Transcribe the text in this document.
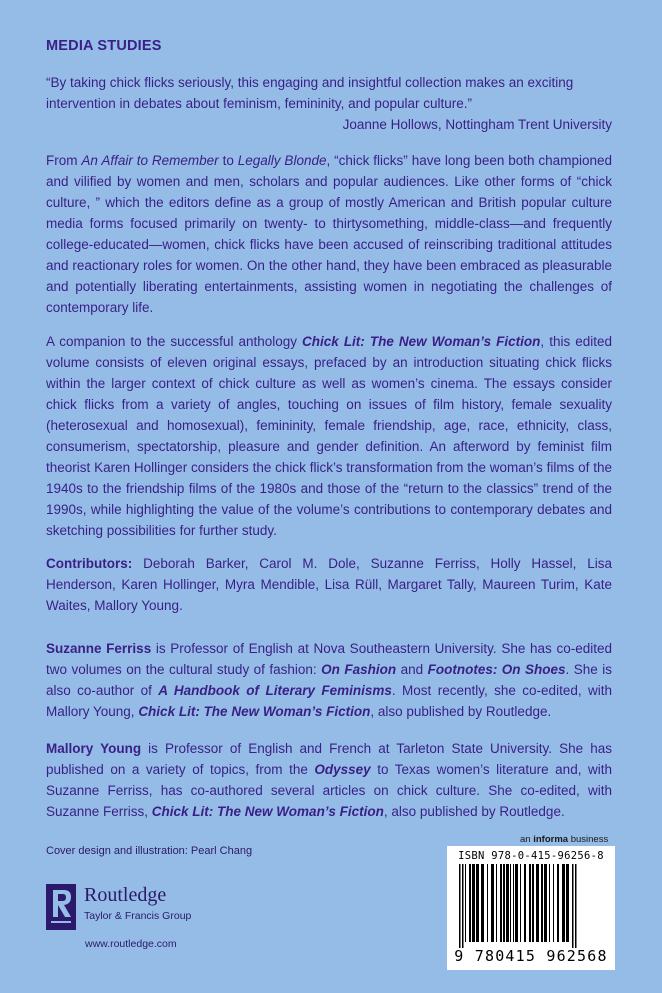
MEDIA STUDIES
“By taking chick flicks seriously, this engaging and insightful collection makes an exciting intervention in debates about feminism, femininity, and popular culture.”
Joanne Hollows, Nottingham Trent University
From An Affair to Remember to Legally Blonde, “chick flicks” have long been both championed and vilified by women and men, scholars and popular audiences. Like other forms of “chick culture, ” which the editors define as a group of mostly American and British popular culture media forms focused primarily on twenty- to thirtysomething, middle-class—and frequently college-educated—women, chick flicks have been accused of reinscribing traditional attitudes and reactionary roles for women. On the other hand, they have been embraced as pleasurable and potentially liberating entertainments, assisting women in negotiating the challenges of contemporary life.
A companion to the successful anthology Chick Lit: The New Woman’s Fiction, this edited volume consists of eleven original essays, prefaced by an introduction situating chick flicks within the larger context of chick culture as well as women’s cinema. The essays consider chick flicks from a variety of angles, touching on issues of film history, female sexuality (heterosexual and homosexual), femininity, female friendship, age, race, ethnicity, class, consumerism, spectatorship, pleasure and gender definition. An afterword by feminist film theorist Karen Hollinger considers the chick flick’s transformation from the woman’s films of the 1940s to the friendship films of the 1980s and those of the “return to the classics” trend of the 1990s, while highlighting the value of the volume’s contributions to contemporary debates and sketching possibilities for further study.
Contributors: Deborah Barker, Carol M. Dole, Suzanne Ferriss, Holly Hassel, Lisa Henderson, Karen Hollinger, Myra Mendible, Lisa Rüll, Margaret Tally, Maureen Turim, Kate Waites, Mallory Young.
Suzanne Ferriss is Professor of English at Nova Southeastern University. She has co-edited two volumes on the cultural study of fashion: On Fashion and Footnotes: On Shoes. She is also co-author of A Handbook of Literary Feminisms. Most recently, she co-edited, with Mallory Young, Chick Lit: The New Woman’s Fiction, also published by Routledge.
Mallory Young is Professor of English and French at Tarleton State University. She has published on a variety of topics, from the Odyssey to Texas women’s literature and, with Suzanne Ferriss, has co-authored several articles on chick culture. She co-edited, with Suzanne Ferriss, Chick Lit: The New Woman’s Fiction, also published by Routledge.
Cover design and illustration: Pearl Chang
Routledge
Taylor & Francis Group
www.routledge.com
an informa business
ISBN 978-0-415-96256-8
9 780415 962568
